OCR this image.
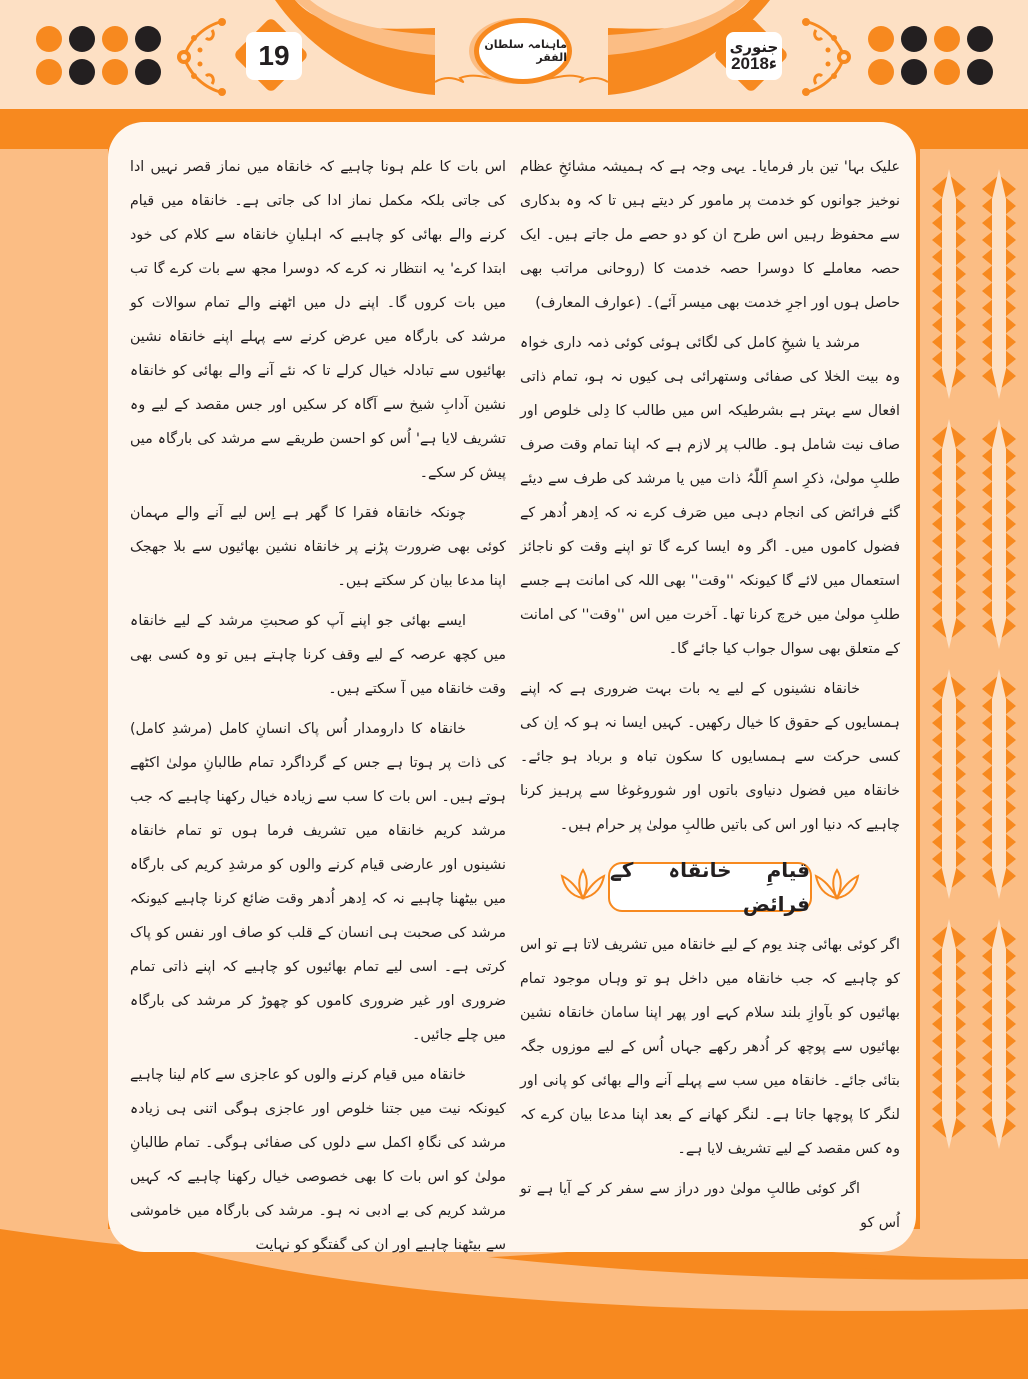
19	ماہنامہ سلطان الفقر
جنوری
2018ء

علیک بہا' تین بار فرمایا۔ یہی وجہ ہے کہ ہمیشہ مشائخِ عظام نوخیز جوانوں کو خدمت پر مامور کر دیتے ہیں تا کہ وہ بدکاری سے محفوظ رہیں اس طرح ان کو دو حصے مل جاتے ہیں۔ ایک حصہ معاملے کا دوسرا حصہ خدمت کا (روحانی مراتب بھی حاصل ہوں اور اجرِ خدمت بھی میسر آئے)۔ (عوارف المعارف)

مرشد یا شیخِ کامل کی لگائی ہوئی کوئی ذمہ داری خواہ وہ بیت الخلا کی صفائی وستھرائی ہی کیوں نہ ہو، تمام ذاتی افعال سے بہتر ہے بشرطیکہ اس میں طالب کا دِلی خلوص اور صاف نیت شامل ہو۔ طالب پر لازم ہے کہ اپنا تمام وقت صرف طلبِ مولیٰ، ذکرِ اسمِ اَللّٰہُ ذات میں یا مرشد کی طرف سے دیئے گئے فرائض کی انجام دہی میں صَرف کرے نہ کہ اِدھر اُدھر کے فضول کاموں میں۔ اگر وہ ایسا کرے گا تو اپنے وقت کو ناجائز استعمال میں لائے گا کیونکہ ''وقت'' بھی اللہ کی امانت ہے جسے طلبِ مولیٰ میں خرچ کرنا تھا۔ آخرت میں اس ''وقت'' کی امانت کے متعلق بھی سوال جواب کیا جائے گا۔

خانقاہ نشینوں کے لیے یہ بات بہت ضروری ہے کہ اپنے ہمسایوں کے حقوق کا خیال رکھیں۔ کہیں ایسا نہ ہو کہ اِن کی کسی حرکت سے ہمسایوں کا سکون تباہ و برباد ہو جائے۔ خانقاہ میں فضول دنیاوی باتوں اور شوروغوغا سے پرہیز کرنا چاہیے کہ دنیا اور اس کی باتیں طالبِ مولیٰ پر حرام ہیں۔

قیامِ خانقاہ کے فرائض

اگر کوئی بھائی چند یوم کے لیے خانقاہ میں تشریف لاتا ہے تو اس کو چاہیے کہ جب خانقاہ میں داخل ہو تو وہاں موجود تمام بھائیوں کو بآوازِ بلند سلام کہے اور پھر اپنا سامان خانقاہ نشین بھائیوں سے پوچھ کر اُدھر رکھے جہاں اُس کے لیے موزوں جگہ بتائی جائے۔ خانقاہ میں سب سے پہلے آنے والے بھائی کو پانی اور لنگر کا پوچھا جاتا ہے۔ لنگر کھانے کے بعد اپنا مدعا بیان کرے کہ وہ کس مقصد کے لیے تشریف لایا ہے۔

اگر کوئی طالبِ مولیٰ دور دراز سے سفر کر کے آیا ہے تو اُس کو

اس بات کا علم ہونا چاہیے کہ خانقاہ میں نماز قصر نہیں ادا کی جاتی بلکہ مکمل نماز ادا کی جاتی ہے۔ خانقاہ میں قیام کرنے والے بھائی کو چاہیے کہ اہلیانِ خانقاہ سے کلام کی خود ابتدا کرے' یہ انتظار نہ کرے کہ دوسرا مجھ سے بات کرے گا تب میں بات کروں گا۔ اپنے دل میں اٹھنے والے تمام سوالات کو مرشد کی بارگاہ میں عرض کرنے سے پہلے اپنے خانقاہ نشین بھائیوں سے تبادلہ خیال کرلے تا کہ نئے آنے والے بھائی کو خانقاہ نشین آدابِ شیخ سے آگاہ کر سکیں اور جس مقصد کے لیے وہ تشریف لایا ہے' اُس کو احسن طریقے سے مرشد کی بارگاہ میں پیش کر سکے۔

چونکہ خانقاہ فقرا کا گھر ہے اِس لیے آنے والے مہمان کوئی بھی ضرورت پڑنے پر خانقاہ نشین بھائیوں سے بلا جھجک اپنا مدعا بیان کر سکتے ہیں۔

ایسے بھائی جو اپنے آپ کو صحبتِ مرشد کے لیے خانقاہ میں کچھ عرصہ کے لیے وقف کرنا چاہتے ہیں تو وہ کسی بھی وقت خانقاہ میں آ سکتے ہیں۔

خانقاہ کا دارومدار اُس پاک انسانِ کامل (مرشدِ کامل) کی ذات پر ہوتا ہے جس کے گرداگرد تمام طالبانِ مولیٰ اکٹھے ہوتے ہیں۔ اس بات کا سب سے زیادہ خیال رکھنا چاہیے کہ جب مرشد کریم خانقاہ میں تشریف فرما ہوں تو تمام خانقاہ نشینوں اور عارضی قیام کرنے والوں کو مرشدِ کریم کی بارگاہ میں بیٹھنا چاہیے نہ کہ اِدھر اُدھر وقت ضائع کرنا چاہیے کیونکہ مرشد کی صحبت ہی انسان کے قلب کو صاف اور نفس کو پاک کرتی ہے۔ اسی لیے تمام بھائیوں کو چاہیے کہ اپنے ذاتی تمام ضروری اور غیر ضروری کاموں کو چھوڑ کر مرشد کی بارگاہ میں چلے جائیں۔

خانقاہ میں قیام کرنے والوں کو عاجزی سے کام لینا چاہیے کیونکہ نیت میں جتنا خلوص اور عاجزی ہوگی اتنی ہی زیادہ مرشد کی نگاہِ اکمل سے دلوں کی صفائی ہوگی۔ تمام طالبانِ مولیٰ کو اس بات کا بھی خصوصی خیال رکھنا چاہیے کہ کہیں مرشد کریم کی بے ادبی نہ ہو۔ مرشد کی بارگاہ میں خاموشی سے بیٹھنا چاہیے اور ان کی گفتگو کو نہایت
